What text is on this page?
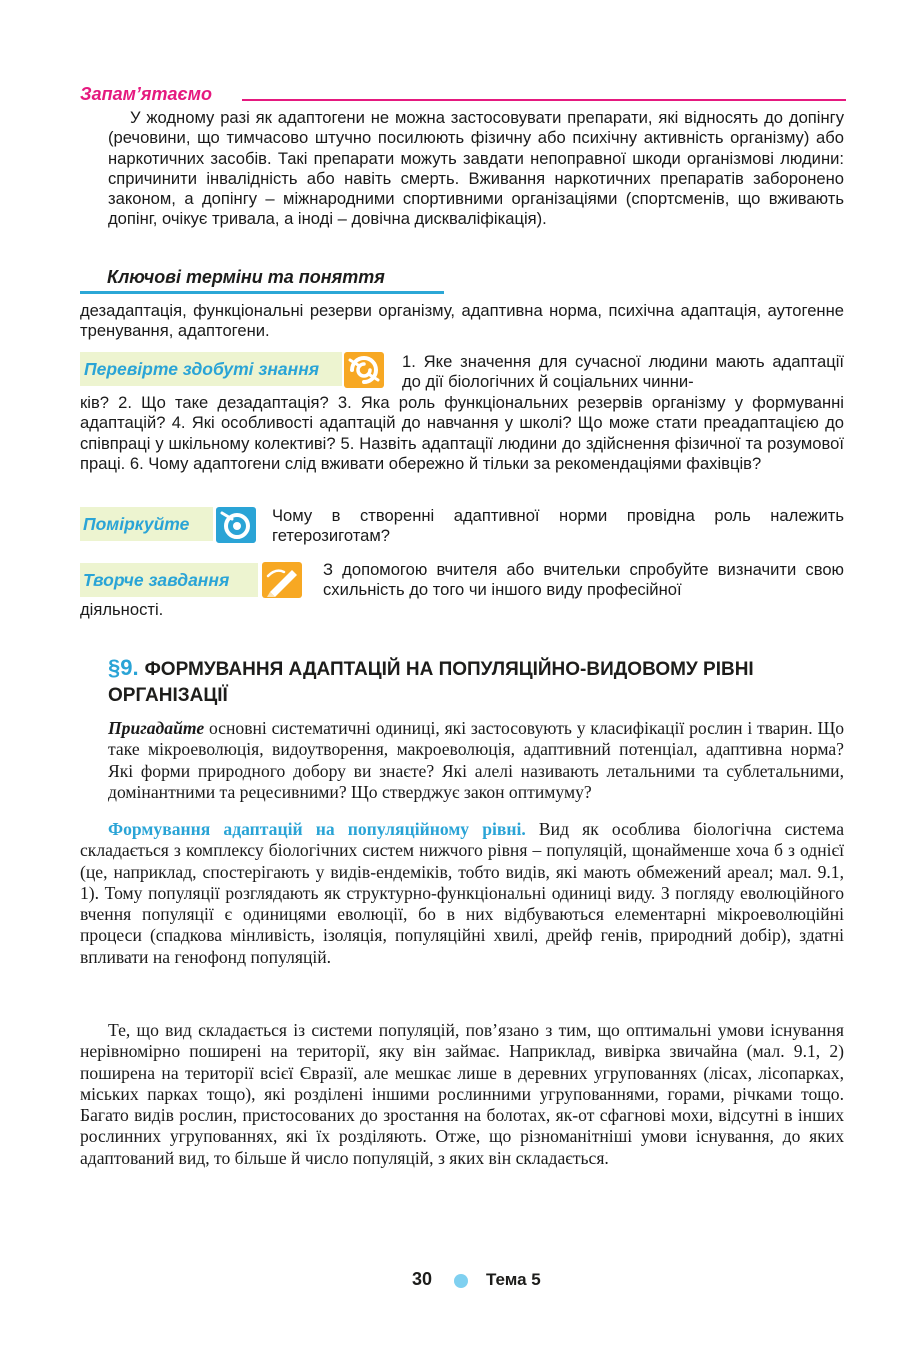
Запам’ятаємо

У жодному разі як адаптогени не можна застосовувати препарати, які відносять до допінгу (речовини, що тимчасово штучно посилюють фізичну або психічну активність організму) або наркотичних засобів. Такі препарати можуть завдати непоправної шкоди організмові людини: спричинити інвалідність або навіть смерть. Вживання наркотичних препаратів заборонено законом, а допінгу – міжнародними спортивними організаціями (спортсменів, що вживають допінг, очікує тривала, а іноді – довічна дискваліфікація).

Ключові терміни та поняття

дезадаптація, функціональні резерви організму, адаптивна норма, психічна адаптація, аутогенне тренування, адаптогени.

Перевірте здобуті знання	1. Яке значення для сучасної людини мають адаптації до дії біологічних й соціальних чинни-

ків? 2. Що таке дезадаптація? 3. Яка роль функціональних резервів організму у формуванні адаптацій? 4. Які особливості адаптацій до навчання у школі? Що може стати преадаптацією до співпраці у шкільному колективі? 5. Назвіть адаптації людини до здійснення фізичної та розумової праці. 6. Чому адаптогени слід вживати обережно й тільки за рекомендаціями фахівців?

Поміркуйте	Чому в створенні адаптивної норми провідна роль належить гетерозиготам?

Творче завдання

З допомогою вчителя або вчительки спробуйте визначити свою схильність до того чи іншого виду професійної

діяльності.

§9. ФОРМУВАННЯ АДАПТАЦІЙ НА ПОПУЛЯЦІЙНО-ВИДОВОМУ РІВНІ ОРГАНІЗАЦІЇ

Пригадайте основні систематичні одиниці, які застосовують у класифікації рослин і тварин. Що таке мікроеволюція, видоутворення, макроеволюція, адаптивний потенціал, адаптивна норма? Які форми природного добору ви знаєте? Які алелі називають летальними та сублетальними, домінантними та рецесивними? Що стверджує закон оптимуму?

Формування адаптацій на популяційному рівні. Вид як особлива біологічна система складається з комплексу біологічних систем нижчого рівня – популяцій, щонайменше хоча б з однієї (це, наприклад, спостерігають у видів-ендеміків, тобто видів, які мають обмежений ареал; мал. 9.1, 1). Тому популяції розглядають як структурно-функціональні одиниці виду. З погляду еволюційного вчення популяції є одиницями еволюції, бо в них відбуваються елементарні мікроеволюційні процеси (спадкова мінливість, ізоляція, популяційні хвилі, дрейф генів, природний добір), здатні впливати на генофонд популяцій.

Те, що вид складається із системи популяцій, пов’язано з тим, що оптимальні умови існування нерівномірно поширені на території, яку він займає. Наприклад, вивірка звичайна (мал. 9.1, 2) поширена на території всієї Євразії, але мешкає лише в деревних угрупованнях (лісах, лісопарках, міських парках тощо), які розділені іншими рослинними угрупованнями, горами, річками тощо. Багато видів рослин, пристосованих до зростання на болотах, як-от сфагнові мохи, відсутні в інших рослинних угрупованнях, які їх розділяють. Отже, що різноманітніші умови існування, до яких адаптований вид, то більше й число популяцій, з яких він складається.

30	Тема 5
